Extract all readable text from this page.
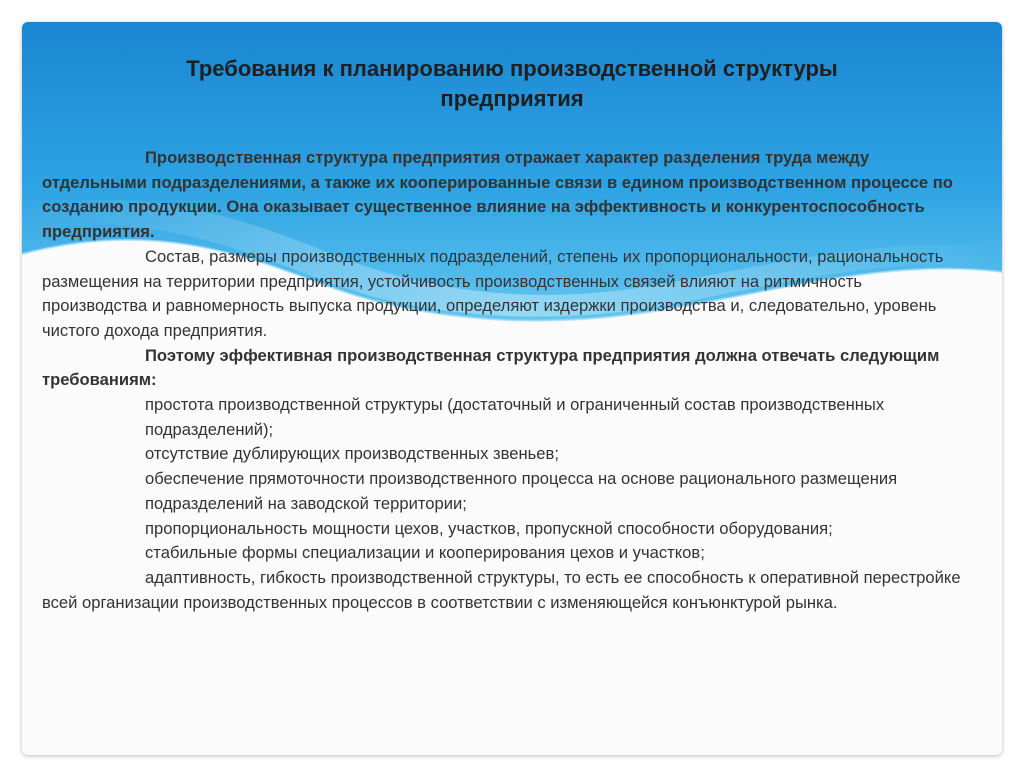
Требования к планированию производственной структуры
предприятия

Производственная структура предприятия отражает характер разделения труда между отдельными подразделениями, а также их кооперированные связи в едином производственном процессе по созданию продукции. Она оказывает существенное влияние на эффективность и конкурентоспособность предприятия.

Состав, размеры производственных подразделений, степень их пропорциональности, рациональность размещения на территории предприятия, устойчивость производственных связей влияют на ритмичность производства и равномерность выпуска продукции, определяют издержки производства и, следовательно, уровень чистого дохода предприятия.

Поэтому эффективная производственная структура предприятия должна отвечать следующим требованиям:

простота производственной структуры (достаточный и ограниченный состав производственных подразделений);

отсутствие дублирующих производственных звеньев;

обеспечение прямоточности производственного процесса на основе рационального размещения подразделений на заводской территории;

пропорциональность мощности цехов, участков, пропускной способности оборудования;

стабильные формы специализации и кооперирования цехов и участков;

адаптивность, гибкость производственной структуры, то есть ее способность к оперативной перестройке всей организации производственных процессов в соответствии с изменяющейся конъюнктурой рынка.
